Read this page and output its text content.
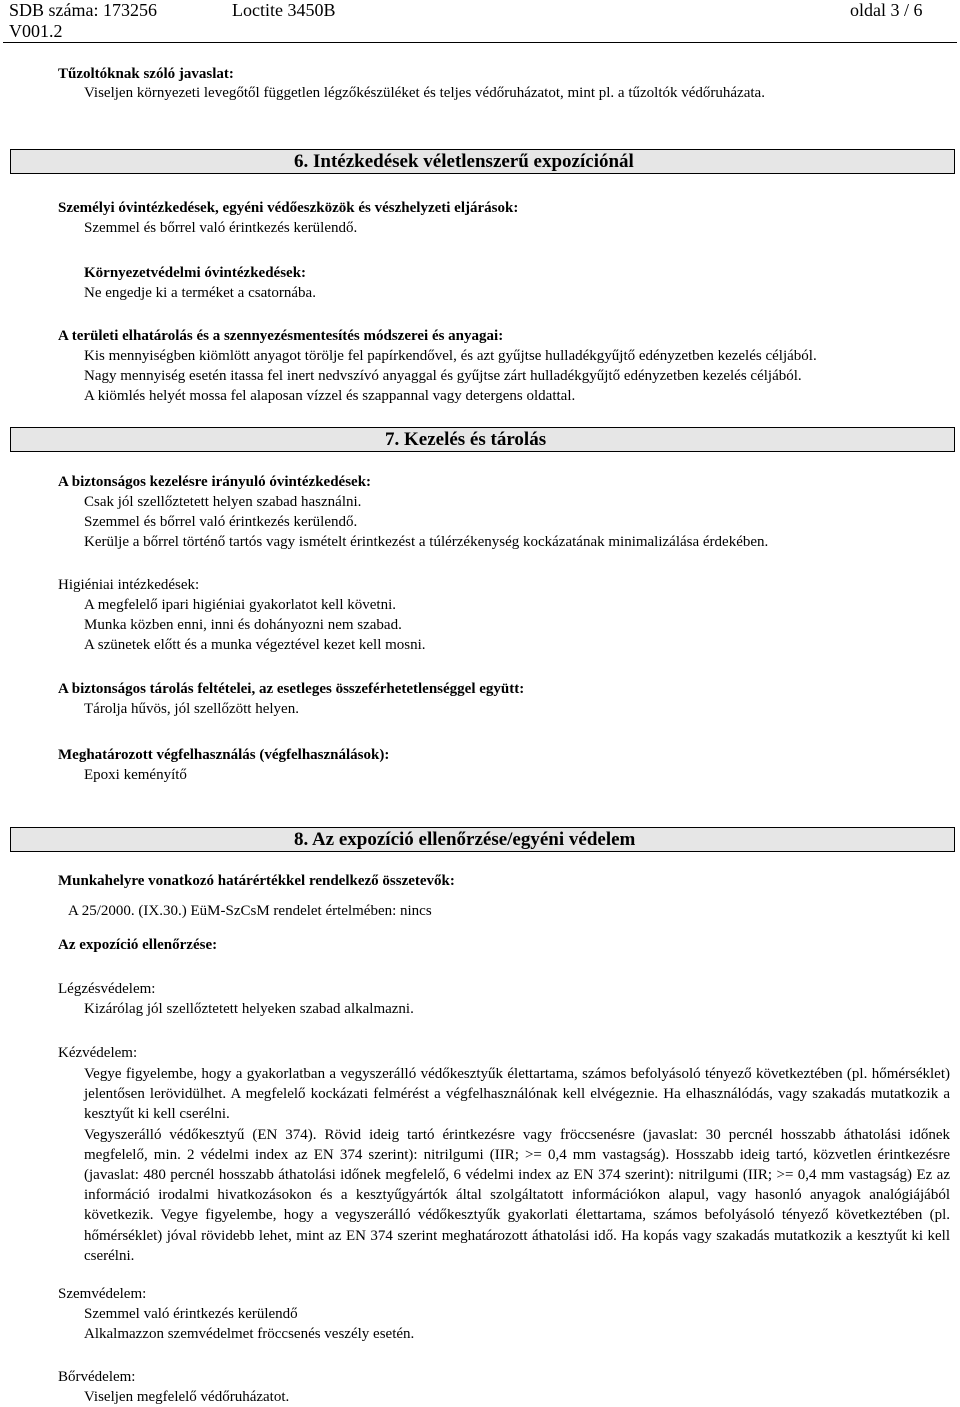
SDB száma: 173256	Loctite 3450B	oldal 3 / 6
V001.2
Tűzoltóknak szóló javaslat:
Viseljen környezeti levegőtől független légzőkészüléket és teljes védőruházatot, mint pl. a tűzoltók védőruházata.
6. Intézkedések véletlenszerű expozíciónál
Személyi óvintézkedések, egyéni védőeszközök és vészhelyzeti eljárások:
Szemmel és bőrrel való érintkezés kerülendő.
Környezetvédelmi óvintézkedések:
Ne engedje ki a terméket a csatornába.
A területi elhatárolás és a szennyezésmentesítés módszerei és anyagai:
Kis mennyiségben kiömlött anyagot törölje fel papírkendővel, és azt gyűjtse hulladékgyűjtő edényzetben kezelés céljából.
Nagy mennyiség esetén itassa fel inert nedvszívó anyaggal és gyűjtse zárt hulladékgyűjtő edényzetben kezelés céljából.
A kiömlés helyét mossa fel alaposan vízzel és szappannal vagy detergens oldattal.
7. Kezelés és tárolás
A biztonságos kezelésre irányuló óvintézkedések:
Csak jól szellőztetett helyen szabad használni.
Szemmel és bőrrel való érintkezés kerülendő.
Kerülje a bőrrel történő tartós vagy ismételt érintkezést a túlérzékenység kockázatának minimalizálása érdekében.
Higiéniai intézkedések:
A megfelelő ipari higiéniai gyakorlatot kell követni.
Munka közben enni, inni és dohányozni nem szabad.
A szünetek előtt és a munka végeztével kezet kell mosni.
A biztonságos tárolás feltételei, az esetleges összeférhetetlenséggel együtt:
Tárolja hűvös, jól szellőzött helyen.
Meghatározott végfelhasználás (végfelhasználások):
Epoxi keményítő
8. Az expozíció ellenőrzése/egyéni védelem
Munkahelyre vonatkozó határértékkel rendelkező összetevők:
A 25/2000. (IX.30.) EüM-SzCsM rendelet értelmében: nincs
Az expozíció ellenőrzése:
Légzésvédelem:
Kizárólag jól szellőztetett helyeken szabad alkalmazni.
Kézvédelem:

Vegye figyelembe, hogy a gyakorlatban a vegyszerálló védőkesztyűk élettartama, számos befolyásoló tényező következtében (pl. hőmérséklet) jelentősen lerövidülhet. A megfelelő kockázati felmérést a végfelhasználónak kell elvégeznie. Ha elhasználódás, vagy szakadás mutatkozik a kesztyűt ki kell cserélni.

Vegyszerálló védőkesztyű (EN 374). Rövid ideig tartó érintkezésre vagy fröccsenésre (javaslat: 30 percnél hosszabb áthatolási időnek megfelelő, min. 2 védelmi index az EN 374 szerint): nitrilgumi (IIR; >= 0,4 mm vastagság). Hosszabb ideig tartó, közvetlen érintkezésre (javaslat: 480 percnél hosszabb áthatolási időnek megfelelő, 6 védelmi index az EN 374 szerint): nitrilgumi (IIR; >= 0,4 mm vastagság) Ez az információ irodalmi hivatkozásokon és a kesztyűgyártók által szolgáltatott információkon alapul, vagy hasonló anyagok analógiájából következik. Vegye figyelembe, hogy a vegyszerálló védőkesztyűk gyakorlati élettartama, számos befolyásoló tényező következtében (pl. hőmérséklet) jóval rövidebb lehet, mint az EN 374 szerint meghatározott áthatolási idő. Ha kopás vagy szakadás mutatkozik a kesztyűt ki kell cserélni.

Szemvédelem:
Szemmel való érintkezés kerülendő
Alkalmazzon szemvédelmet fröccsenés veszély esetén.
Bőrvédelem:
Viseljen megfelelő védőruházatot.
